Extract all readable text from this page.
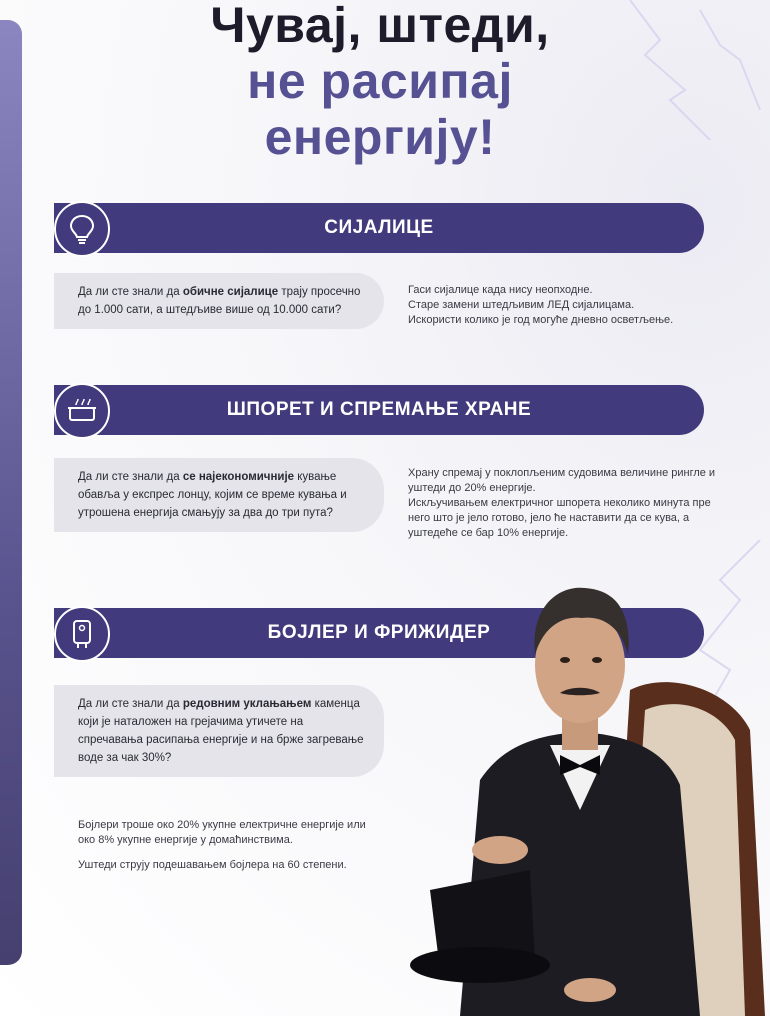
Чувај, штеди,
не расипај
енергију!
СИЈАЛИЦЕ
Да ли сте знали да обичне сијалице трају просечно до 1.000 сати, а штедљиве више од 10.000 сати?
Гаси сијалице када нису неопходне.
Старе замени штедљивим ЛЕД сијалицама.
Искористи колико је год могуће дневно осветљење.
ШПОРЕТ И СПРЕМАЊЕ ХРАНЕ
Да ли сте знали да се најекономичније кување обавља у експрес лонцу, којим се време кувања и утрошена енергија смањују за два до три пута?
Храну спремај у поклопљеним судовима величине рингле и уштеди до 20% енергије.
Искључивањем електричног шпорета неколико минута пре него што је јело готово, јело ће наставити да се кува, а уштедеће се бар 10% енергије.
БОЈЛЕР И ФРИЖИДЕР
Да ли сте знали да редовним уклањањем каменца који је наталожен на грејачима утичете на спречавања расипања енергије и на брже загревање воде за чак 30%?
Бојлери троше око 20% укупне електричне енергије или око 8% укупне енергије у домаћинствима.
Уштеди струју подешавањем бојлера на 60 степени.
